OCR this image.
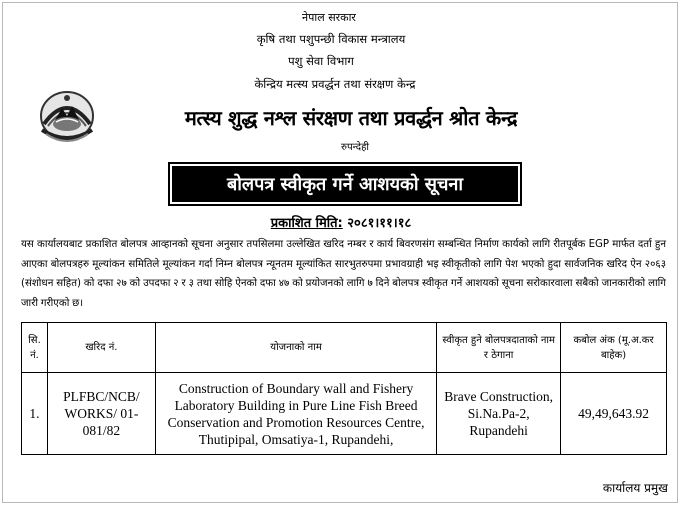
नेपाल सरकार
कृषि तथा पशुपन्छी विकास मन्त्रालय
पशु सेवा विभाग
केन्द्रिय मत्स्य प्रवर्द्धन तथा संरक्षण केन्द्र
मत्स्य शुद्ध नश्ल संरक्षण तथा प्रवर्द्धन श्रोत केन्द्र
रुपन्देही
बोलपत्र स्वीकृत गर्ने आशयको सूचना
प्रकाशित मिति: २०८१।११।१८
यस कार्यालयबाट प्रकाशित बोलपत्र आव्हानको सूचना अनुसार तपसिलमा उल्लेखित खरिद नम्बर र कार्य बिवरणसंग सम्बन्धित निर्माण कार्यको लागि रीतपूर्बक EGP मार्फत दर्ता हुन आएका बोलपत्रहरु मूल्यांकन समितिले मूल्यांकन गर्दा निम्न बोलपत्र न्यूनतम मूल्यांकित सारभुतरुपमा प्रभावग्राही भइ स्वीकृतीको लागि पेश भएको हुदा सार्वजनिक खरिद ऐन २०६३ (संशोधन सहित) को दफा २७ को उपदफा २ र ३ तथा सोहि ऐनको दफा ४७ को प्रयोजनको लागि ७ दिने बोलपत्र स्वीकृत गर्ने आशयको सूचना सरोकारवाला सबैको जानकारीको लागि जारी गरीएको छ।
सि. नं.	खरिद नं.	योजनाको नाम	स्वीकृत हुने बोलपत्रदाताको नाम र ठेगाना	कबोल अंक (मू.अ.कर बाहेक)
1.	PLFBC/NCB/ WORKS/ 01-081/82	Construction of Boundary wall and Fishery Laboratory Building in Pure Line Fish Breed Conservation and Promotion Resources Centre, Thutipipal, Omsatiya-1, Rupandehi,	Brave Construction, Si.Na.Pa-2, Rupandehi	49,49,643.92
कार्यालय प्रमुख
